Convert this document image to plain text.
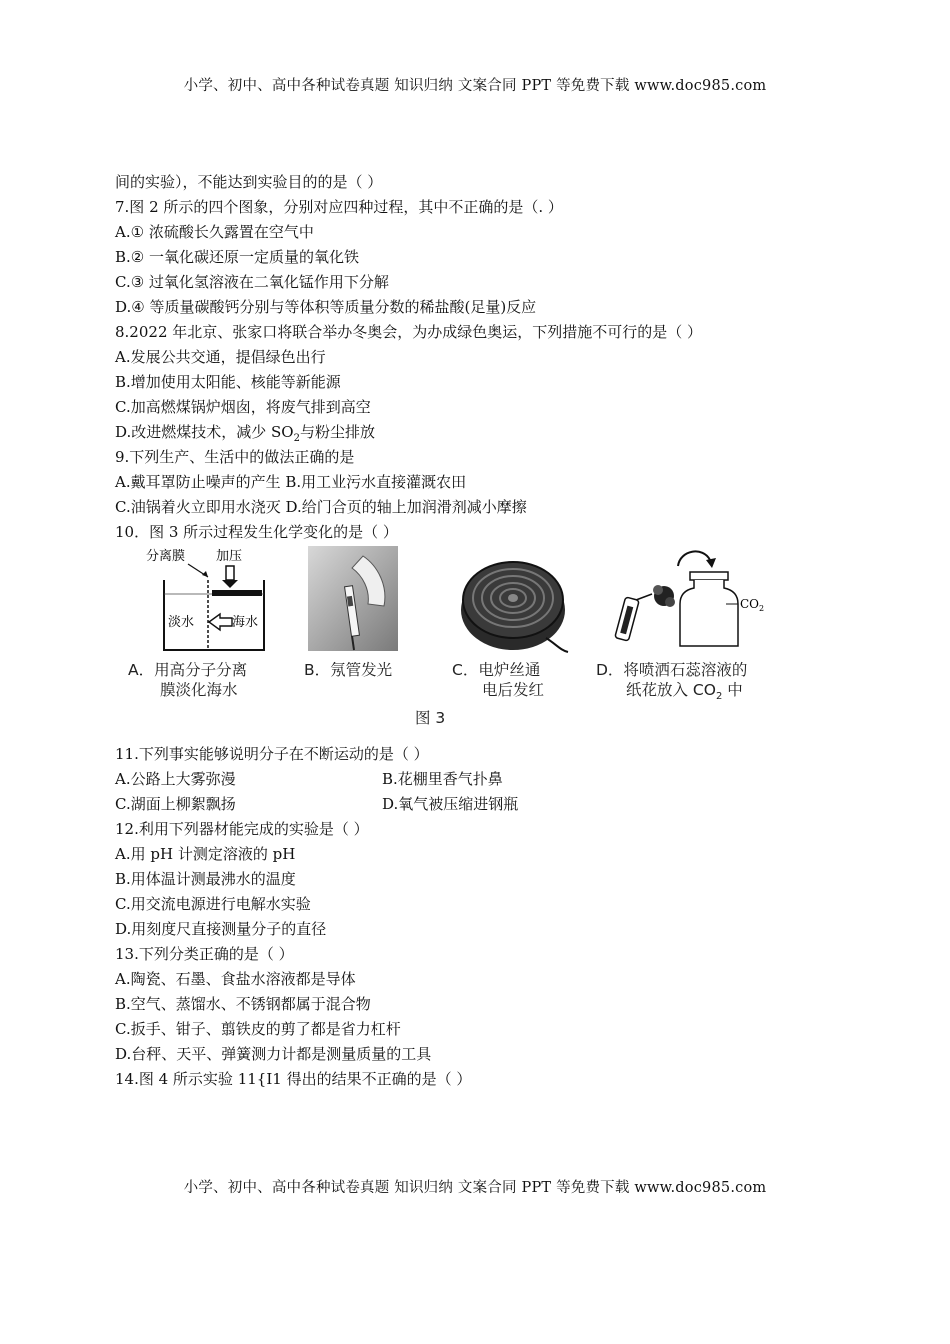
小学、初中、高中各种试卷真题 知识归纳 文案合同 PPT 等免费下载 www.doc985.com
间的实验），不能达到实验目的的是（ ）
7.图 2 所示的四个图象，分别对应四种过程，其中不正确的是（. ）
A.① 浓硫酸长久露置在空气中
B.② 一氧化碳还原一定质量的氧化铁
C.③ 过氧化氢溶液在二氧化锰作用下分解
D.④ 等质量碳酸钙分别与等体积等质量分数的稀盐酸(足量)反应
8.2022 年北京、张家口将联合举办冬奥会，为办成绿色奥运，下列措施不可行的是（ ）
A.发展公共交通，提倡绿色出行
B.增加使用太阳能、核能等新能源
C.加高燃煤锅炉烟囱，将废气排到高空
D.改进燃煤技术，减少 $SO_2$与粉尘排放
9.下列生产、生活中的做法正确的是
A.戴耳罩防止噪声的产生 B.用工业污水直接灌溉农田
C.油锅着火立即用水浇灭 D.给门合页的轴上加润滑剂减小摩擦
10．图 3 所示过程发生化学变化的是（ ）
分离膜 加压
淡水	海水
$CO_2$
A．用高分子分离
膜淡化海水
B．氖管发光	C．电炉丝通
电后发红
D．将喷洒石蕊溶液的
纸花放入 $CO_2$ 中
图 3
11.下列事实能够说明分子在不断运动的是（ ）
A.公路上大雾弥漫	B.花棚里香气扑鼻
C.湖面上柳絮飘扬	D.氧气被压缩进钢瓶
12.利用下列器材能完成的实验是（ ）
A.用 pH 计测定溶液的 pH
B.用体温计测最沸水的温度
C.用交流电源进行电解水实验
D.用刻度尺直接测量分子的直径
13.下列分类正确的是（ ）
A.陶瓷、石墨、食盐水溶液都是导体
B.空气、蒸馏水、不锈钢都属于混合物
C.扳手、钳子、翦铁皮的剪了都是省力杠杆
D.台秤、天平、弹簧测力计都是测量质量的工具
14.图 4 所示实验 11{I1 得出的结果不正确的是（ ）
小学、初中、高中各种试卷真题 知识归纳 文案合同 PPT 等免费下载 www.doc985.com
